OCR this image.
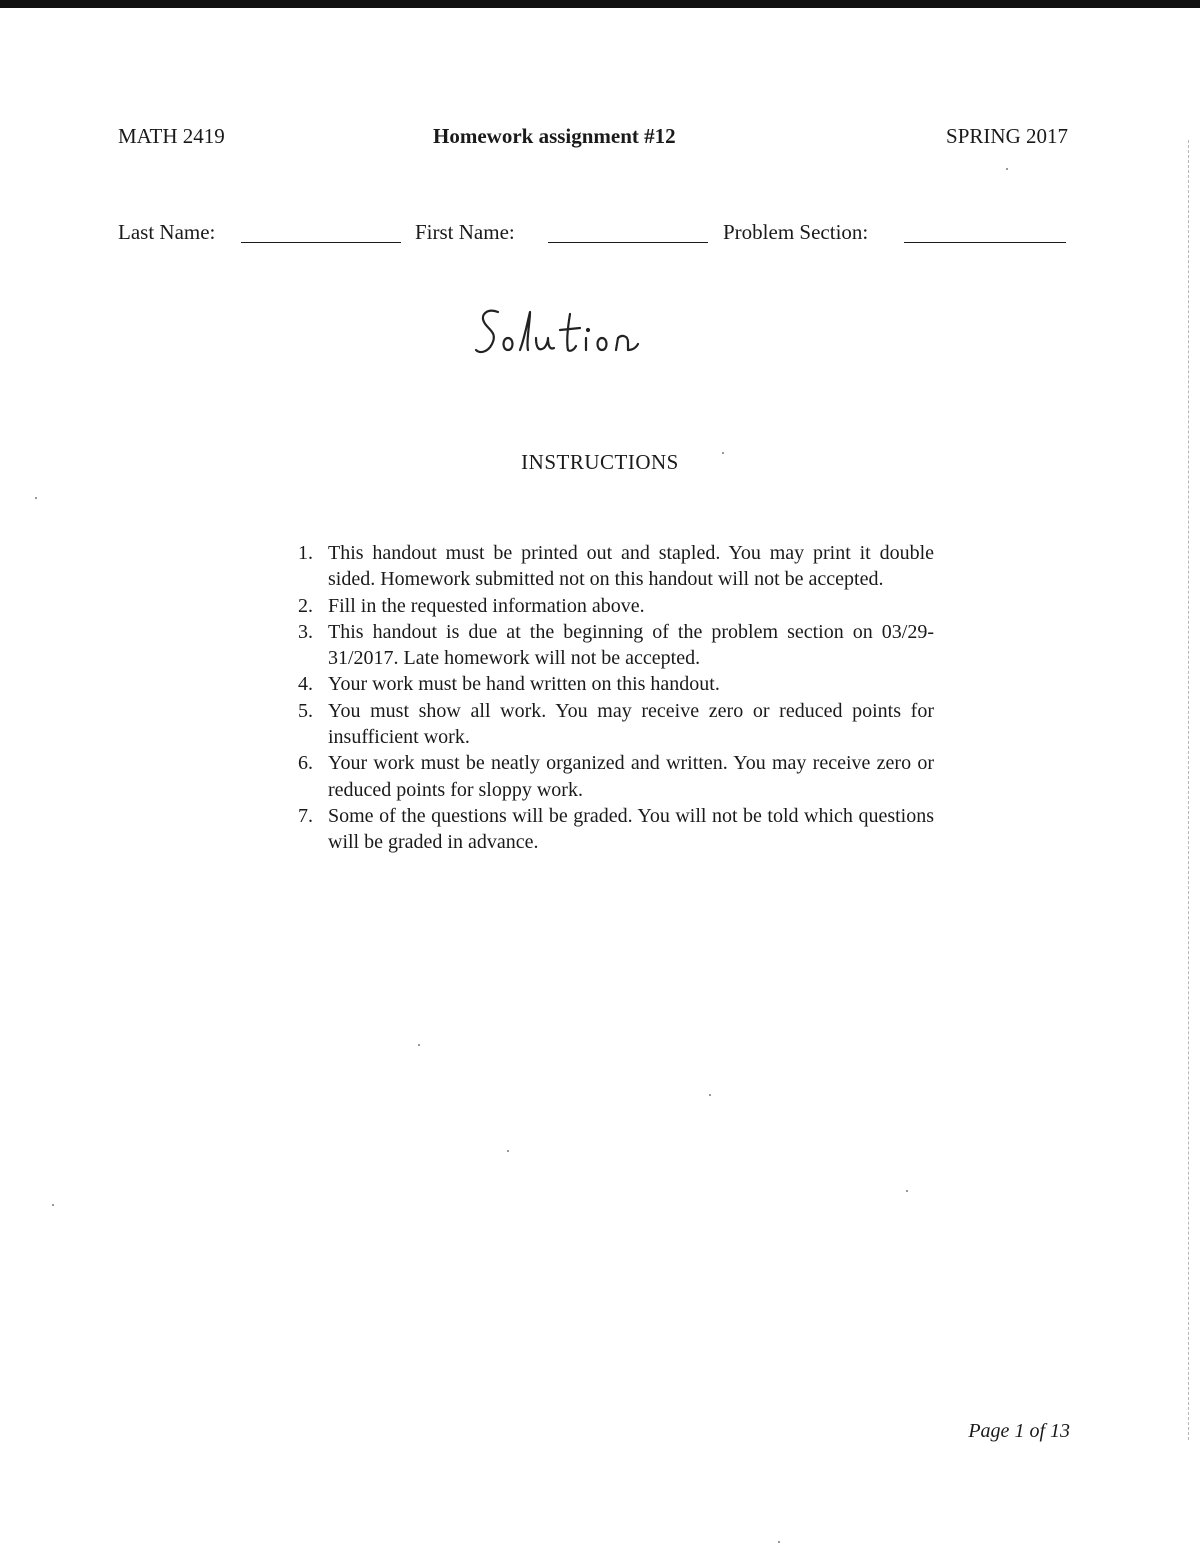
MATH 2419	Homework assignment #12	SPRING 2017
Last Name:	First Name:	Problem Section:
INSTRUCTIONS
1. This handout must be printed out and stapled. You may print it double sided. Homework submitted not on this handout will not be accepted.
2. Fill in the requested information above.
3. This handout is due at the beginning of the problem section on 03/29-31/2017. Late homework will not be accepted.
4. Your work must be hand written on this handout.
5. You must show all work. You may receive zero or reduced points for insufficient work.
6. Your work must be neatly organized and written. You may receive zero or reduced points for sloppy work.
7. Some of the questions will be graded. You will not be told which questions will be graded in advance.
Page 1 of 13
